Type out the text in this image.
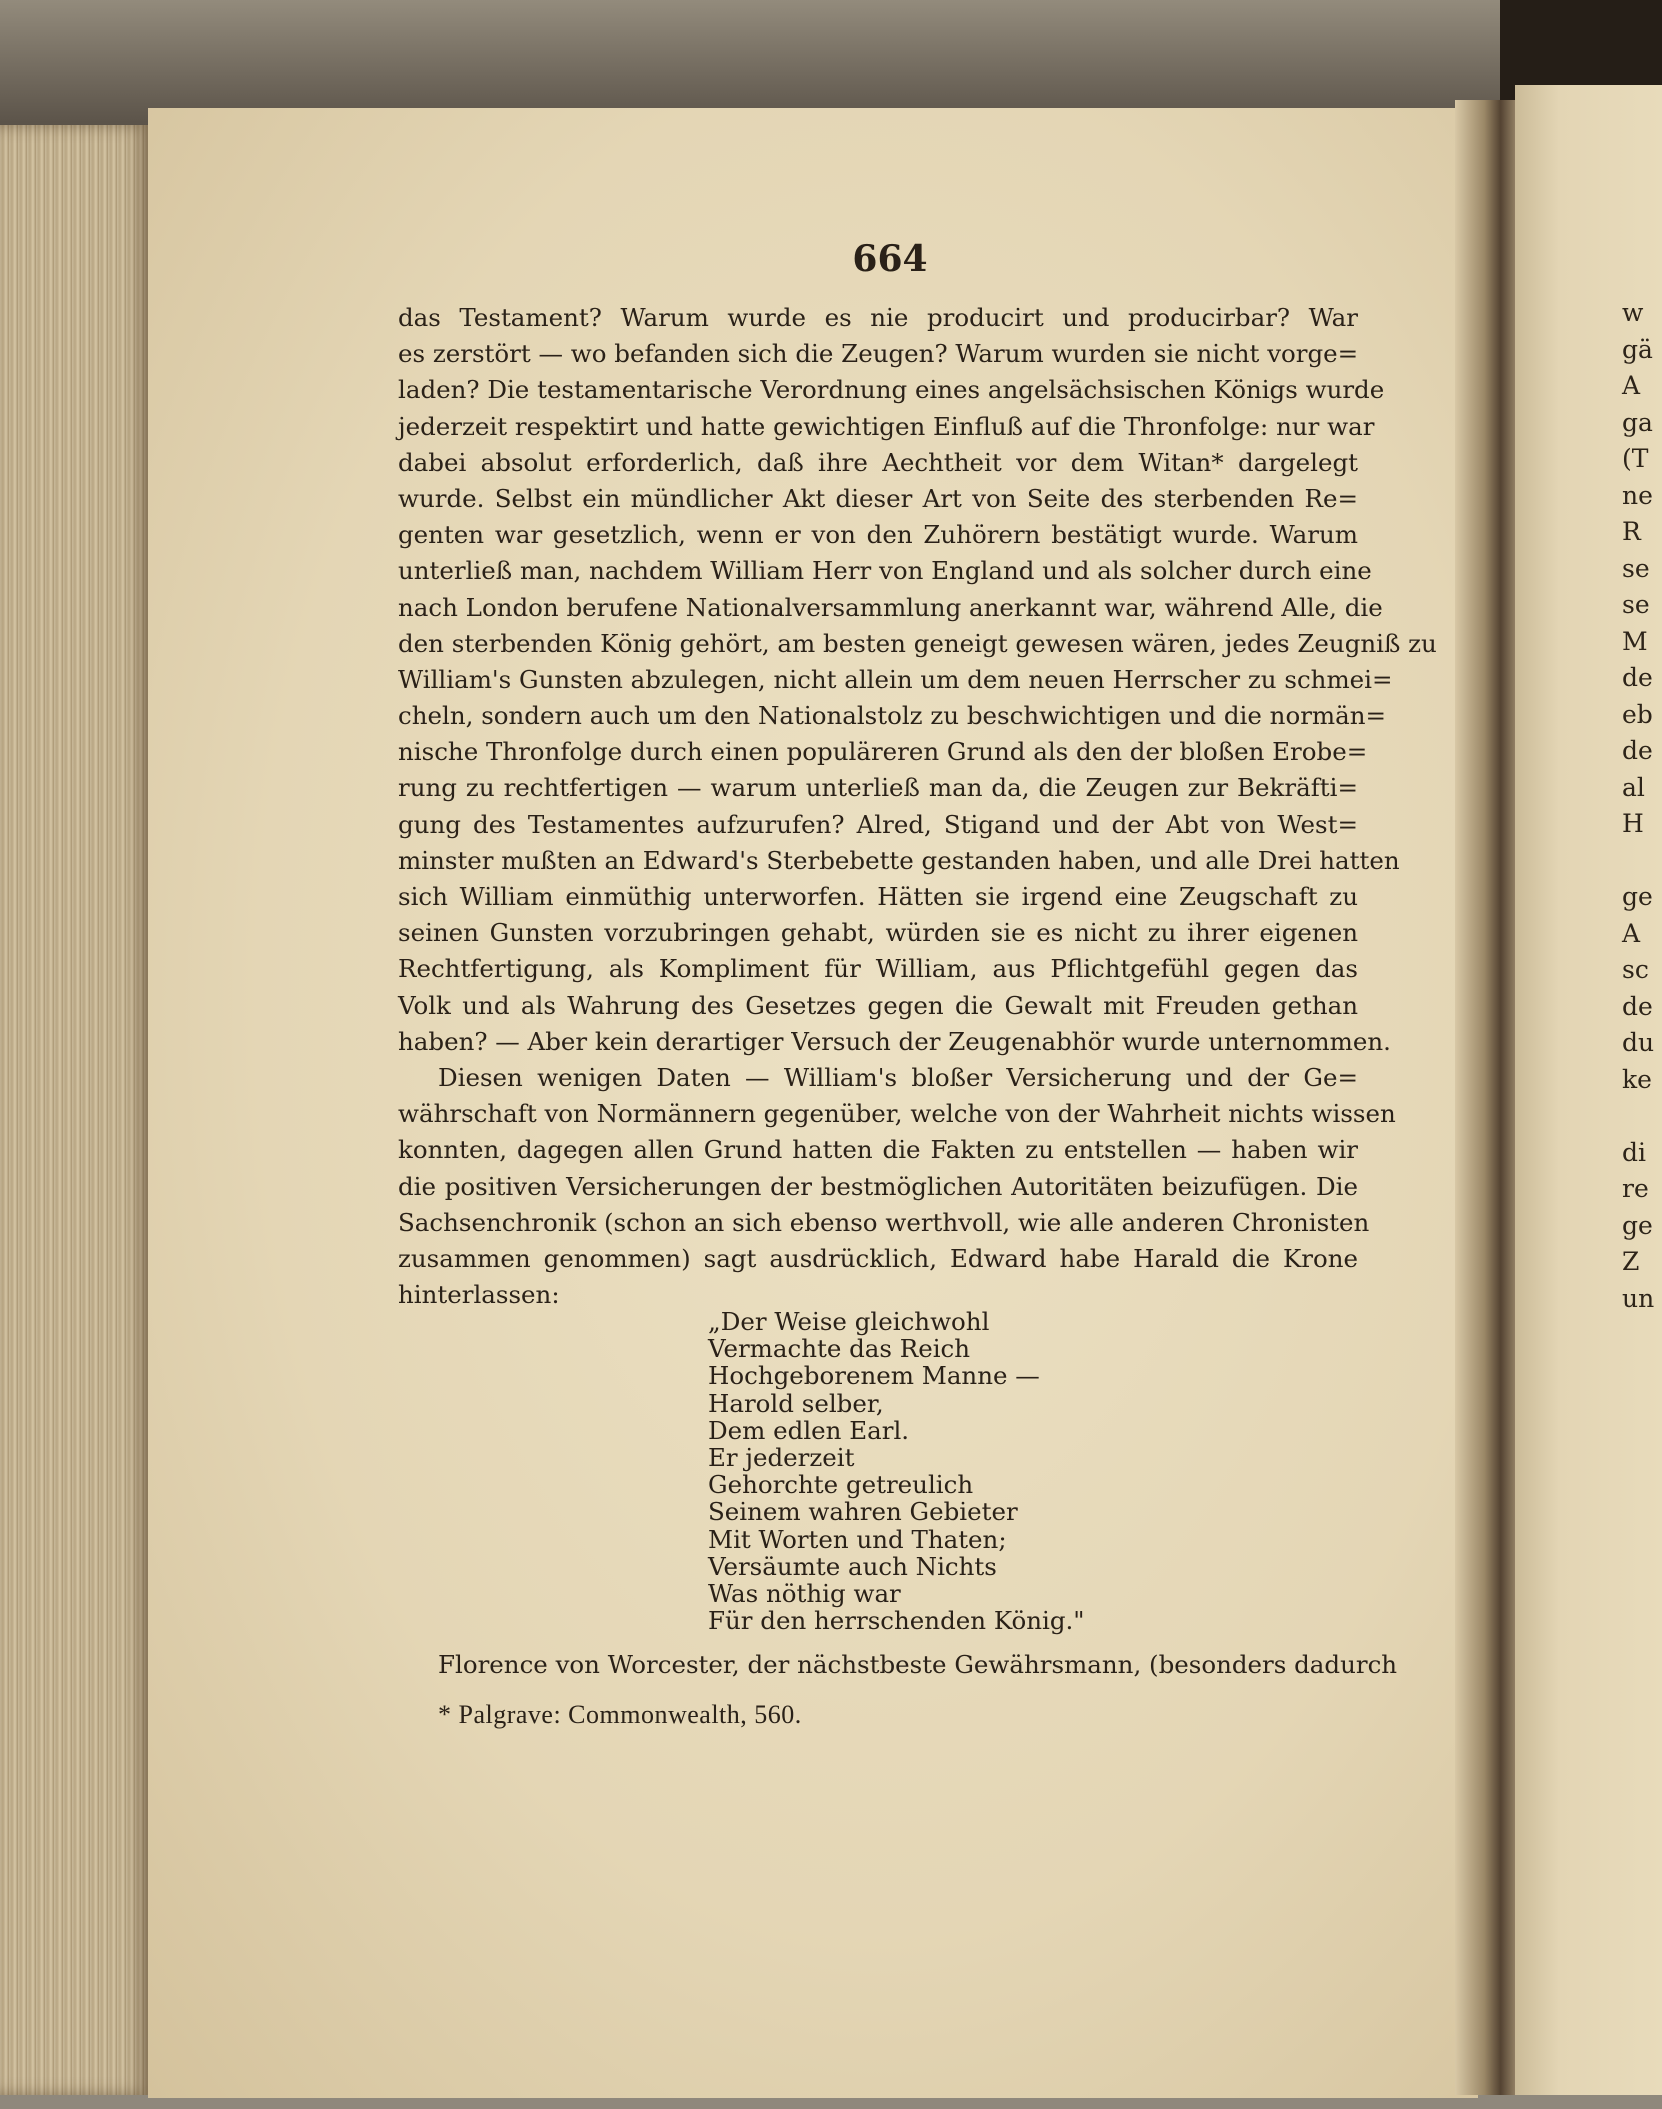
w
gä
A
ga
(T
ne
R
se
se
M
de
eb
de
al
H
ge
A
sc
de
du
ke
di
re
ge
Z
un
664
das Testament? Warum wurde es nie producirt und producirbar? War
es zerstört — wo befanden sich die Zeugen? Warum wurden sie nicht vorge=
laden? Die testamentarische Verordnung eines angelsächsischen Königs wurde
jederzeit respektirt und hatte gewichtigen Einfluß auf die Thronfolge: nur war
dabei absolut erforderlich, daß ihre Aechtheit vor dem Witan* dargelegt
wurde. Selbst ein mündlicher Akt dieser Art von Seite des sterbenden Re=
genten war gesetzlich, wenn er von den Zuhörern bestätigt wurde. Warum
unterließ man, nachdem William Herr von England und als solcher durch eine
nach London berufene Nationalversammlung anerkannt war, während Alle, die
den sterbenden König gehört, am besten geneigt gewesen wären, jedes Zeugniß zu
William's Gunsten abzulegen, nicht allein um dem neuen Herrscher zu schmei=
cheln, sondern auch um den Nationalstolz zu beschwichtigen und die normän=
nische Thronfolge durch einen populäreren Grund als den der bloßen Erobe=
rung zu rechtfertigen — warum unterließ man da, die Zeugen zur Bekräfti=
gung des Testamentes aufzurufen? Alred, Stigand und der Abt von West=
minster mußten an Edward's Sterbebette gestanden haben, und alle Drei hatten
sich William einmüthig unterworfen. Hätten sie irgend eine Zeugschaft zu
seinen Gunsten vorzubringen gehabt, würden sie es nicht zu ihrer eigenen
Rechtfertigung, als Kompliment für William, aus Pflichtgefühl gegen das
Volk und als Wahrung des Gesetzes gegen die Gewalt mit Freuden gethan
haben? — Aber kein derartiger Versuch der Zeugenabhör wurde unternommen.
Diesen wenigen Daten — William's bloßer Versicherung und der Ge=
währschaft von Normännern gegenüber, welche von der Wahrheit nichts wissen
konnten, dagegen allen Grund hatten die Fakten zu entstellen — haben wir
die positiven Versicherungen der bestmöglichen Autoritäten beizufügen. Die
Sachsenchronik (schon an sich ebenso werthvoll, wie alle anderen Chronisten
zusammen genommen) sagt ausdrücklich, Edward habe Harald die Krone
hinterlassen:
„Der Weise gleichwohl
Vermachte das Reich
Hochgeborenem Manne —
Harold selber,
Dem edlen Earl.
Er jederzeit
Gehorchte getreulich
Seinem wahren Gebieter
Mit Worten und Thaten;
Versäumte auch Nichts
Was nöthig war
Für den herrschenden König."
Florence von Worcester, der nächstbeste Gewährsmann, (besonders dadurch
* Palgrave: Commonwealth, 560.
